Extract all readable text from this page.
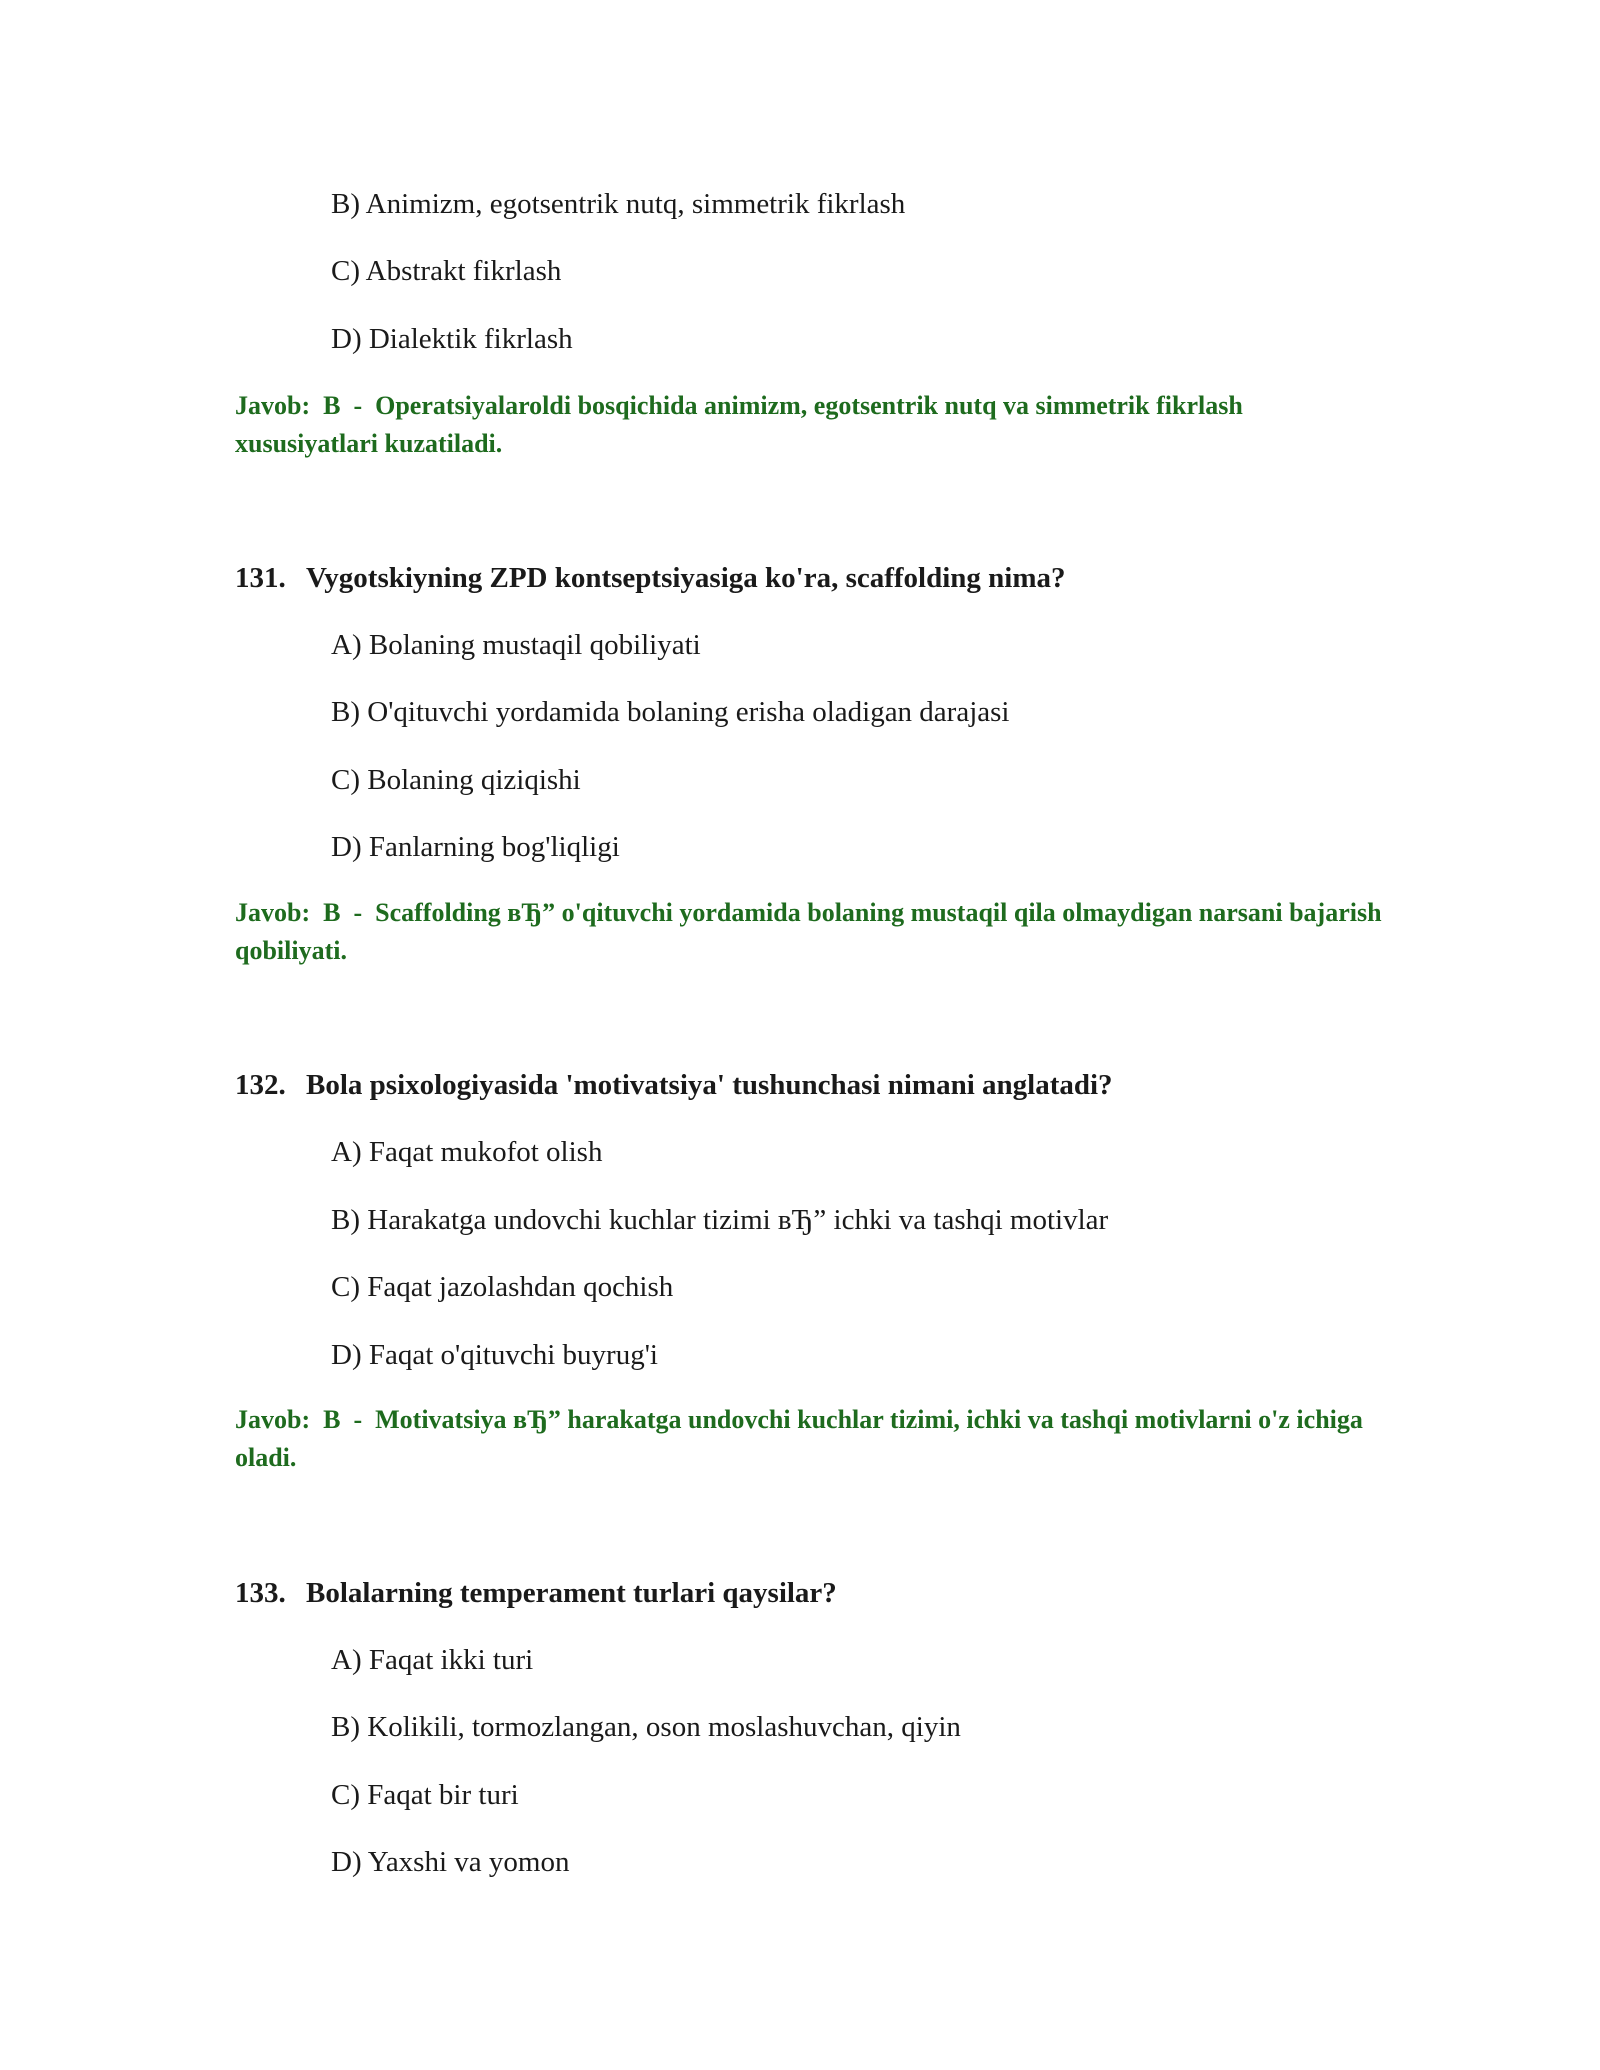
B) Animizm, egotsentrik nutq, simmetrik fikrlash
C) Abstrakt fikrlash
D) Dialektik fikrlash
Javob:  B  -  Operatsiyalaroldi bosqichida animizm, egotsentrik nutq va simmetrik fikrlash xususiyatlari kuzatiladi.
131. Vygotskiyning ZPD kontseptsiyasiga ko'ra, scaffolding nima?
A) Bolaning mustaqil qobiliyati
B) O'qituvchi yordamida bolaning erisha oladigan darajasi
C) Bolaning qiziqishi
D) Fanlarning bog'liqligi
Javob:  B  -  Scaffolding вЂ” o'qituvchi yordamida bolaning mustaqil qila olmaydigan narsani bajarish qobiliyati.
132. Bola psixologiyasida 'motivatsiya' tushunchasi nimani anglatadi?
A) Faqat mukofot olish
B) Harakatga undovchi kuchlar tizimi вЂ” ichki va tashqi motivlar
C) Faqat jazolashdan qochish
D) Faqat o'qituvchi buyrug'i
Javob:  B  -  Motivatsiya вЂ” harakatga undovchi kuchlar tizimi, ichki va tashqi motivlarni o'z ichiga oladi.
133. Bolalarning temperament turlari qaysilar?
A) Faqat ikki turi
B) Kolikili, tormozlangan, oson moslashuvchan, qiyin
C) Faqat bir turi
D) Yaxshi va yomon
